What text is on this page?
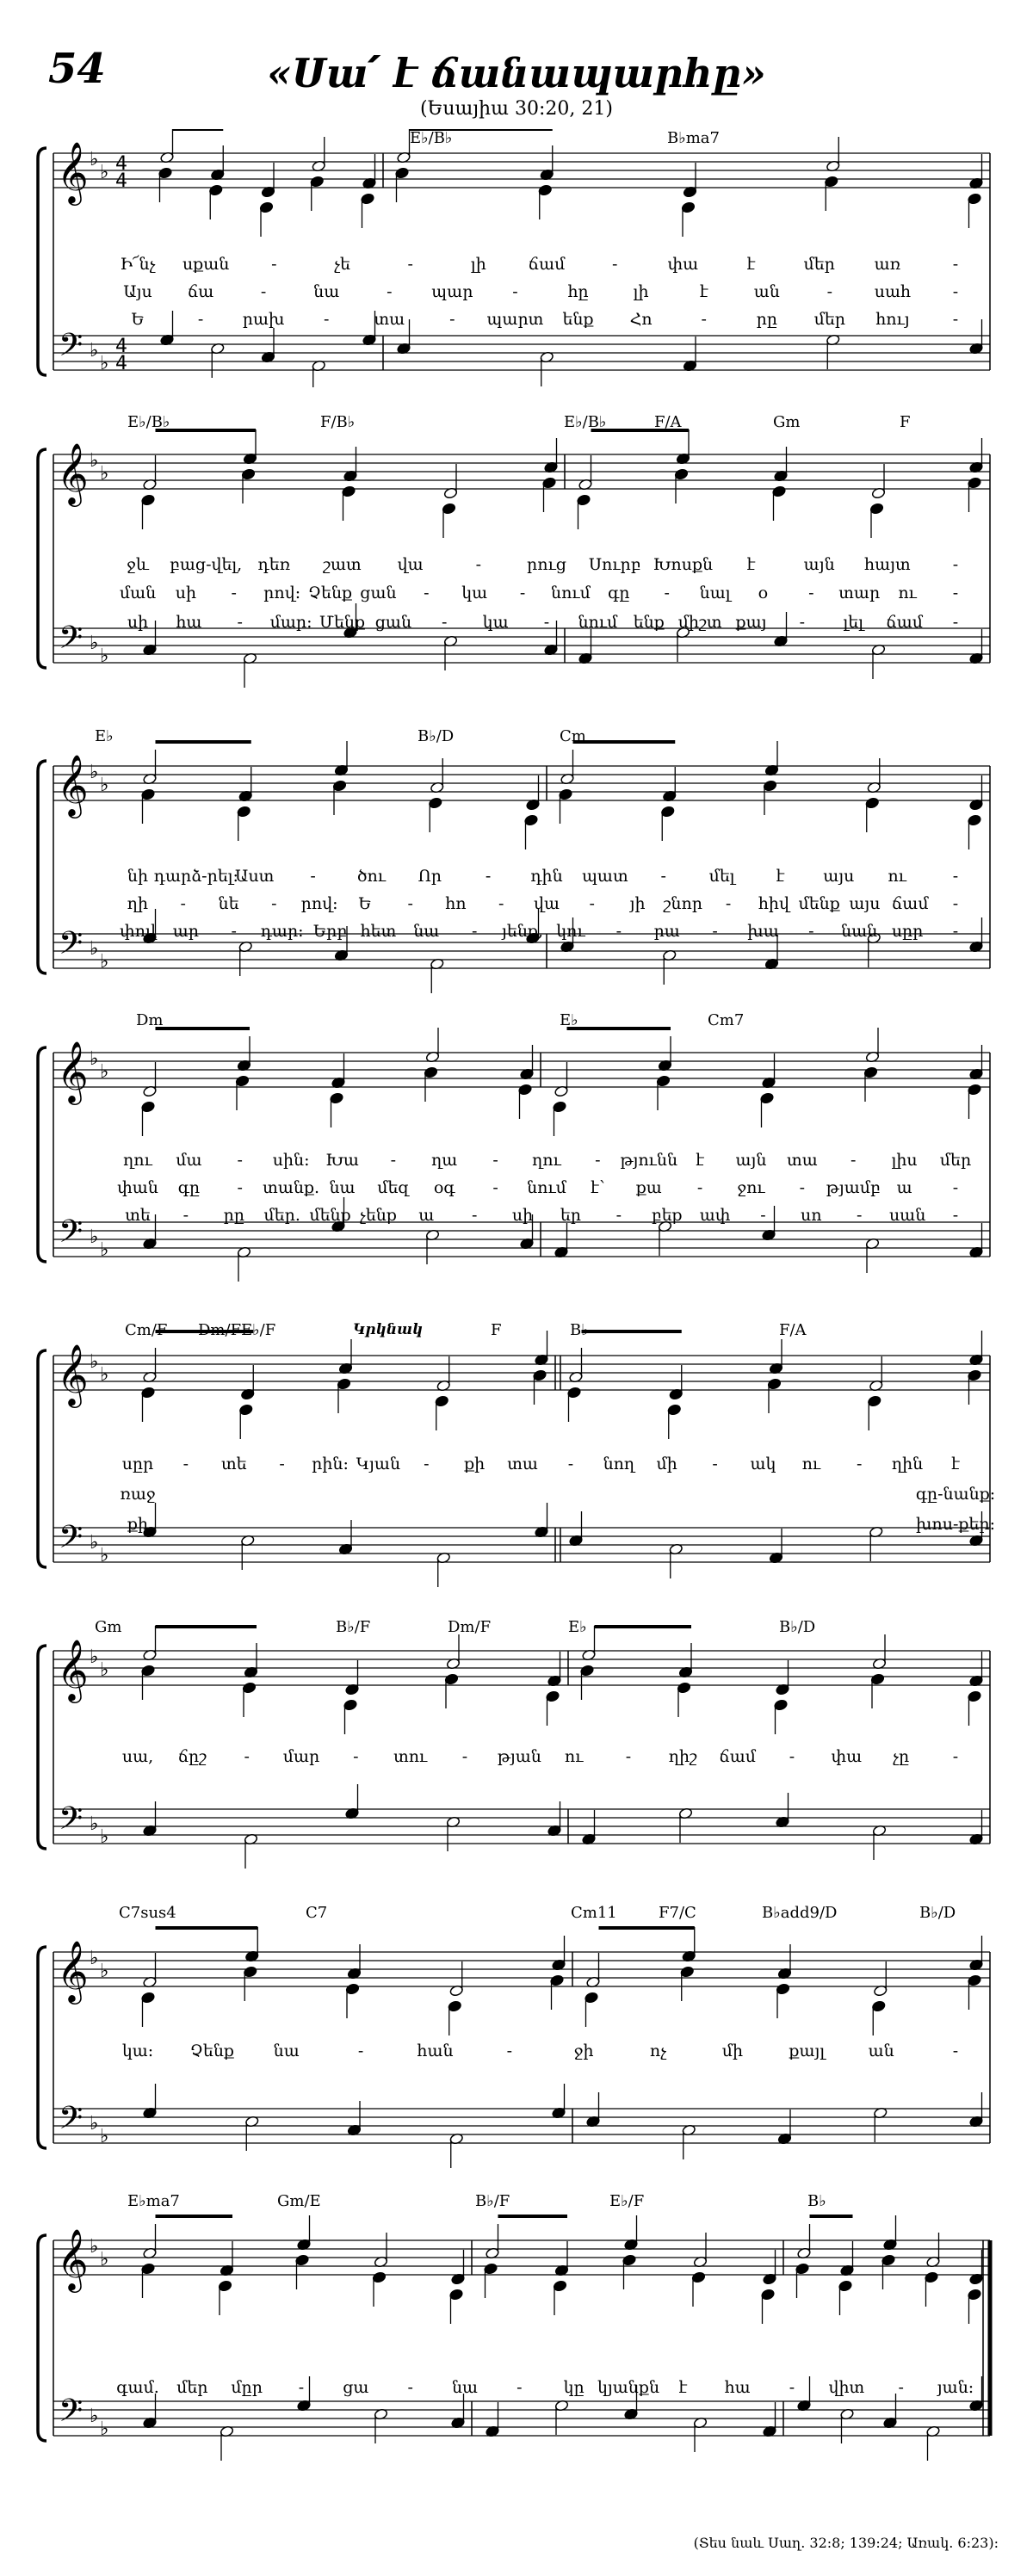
54	«Սա՛ է ճանապարհը»
(Եսայիա 30:20, 21)
𝄞
𝄢
♭
♭
♭
♭
4
4
4
4
E♭/B♭	B♭ma7
Ի՜նչ սքան	-	չե	-	լի	ճամ	-	փա	է	մեր առ	-
Այս ճա	-	նա	- պար -	հը	լի	է	ան	-	սահ	-
Ե	- րախ -	տա	- պարտ ենք Հո	-	րը մեր հույ	-
𝄞
𝄢
♭
♭
♭
♭
E♭/B♭	F/B♭	E♭/B♭	F/A	Gm	F
ջև բաց-վել, դեռ շատ վա	-	րուց Սուրբ Խոսքն է	այն հայտ	-
ման սի - րով: Չենք ցան - կա - նում գը - նալ օ - տար ու -
սի հա - մար: Մենք ցան - կա - նում ենք միշտ քայ - լել ճամ -
𝄞
𝄢
♭
♭
♭
♭
E♭	B♭/D	Cm
նի դարձ-րել:
Աստ -	ծու Որ	- դին պատ -	մել	է այս ու	-
ղի - նե - րով: Ե - հո - վա - յի շնոր - հիվ մենք այս ճամ -
փով ար - դար: Երբ հետ նա - յենք, կու - րա - խա - նան սըր -
𝄞
𝄢
♭
♭
♭
♭
Dm	E♭	Cm7
ղու մա - սին: Խա - ղա - ղու - թյունն է այն տա - լիս մեր
փան գը - տանք. նա մեզ օգ - նում է՝ քա - ջու - թյամբ ա -
տե - րը մեր. մենք չենք ա - սի եր - բեք ափ - սո - սան -
𝄞
𝄢
♭
♭
♭
♭
Cm/F Dm/F E♭/F	F	B♭	F/A
Կրկնակ
սըր - տե - րին: Կյան - քի տա - նող մի - ակ ու - ղին է
ռաջ	գը-նանք:
քի	խոս-քեր:
𝄞
𝄢
♭
♭
♭
♭
Gm	B♭/F	Dm/F	E♭	B♭/D
սա, ճըշ - մար - տու - թյան ու	- ղիշ ճամ - փա չը	-
𝄞
𝄢
♭
♭
♭
♭
C7sus4	C7	Cm11	F7/C	B♭add9/D	B♭/D
կա: Չենք նա	-	հան	-	ջի	ոչ	մի	քայլ	ան	-
𝄞
𝄢
♭
♭
♭
♭
E♭ma7	Gm/E	B♭/F	E♭/F	B♭
գամ. մեր մըր - ցա - նա -	կը կյանքն է հա - վիտ - յան:
(Տես նաև Սաղ. 32:8; 139:24; Առակ. 6:23):
